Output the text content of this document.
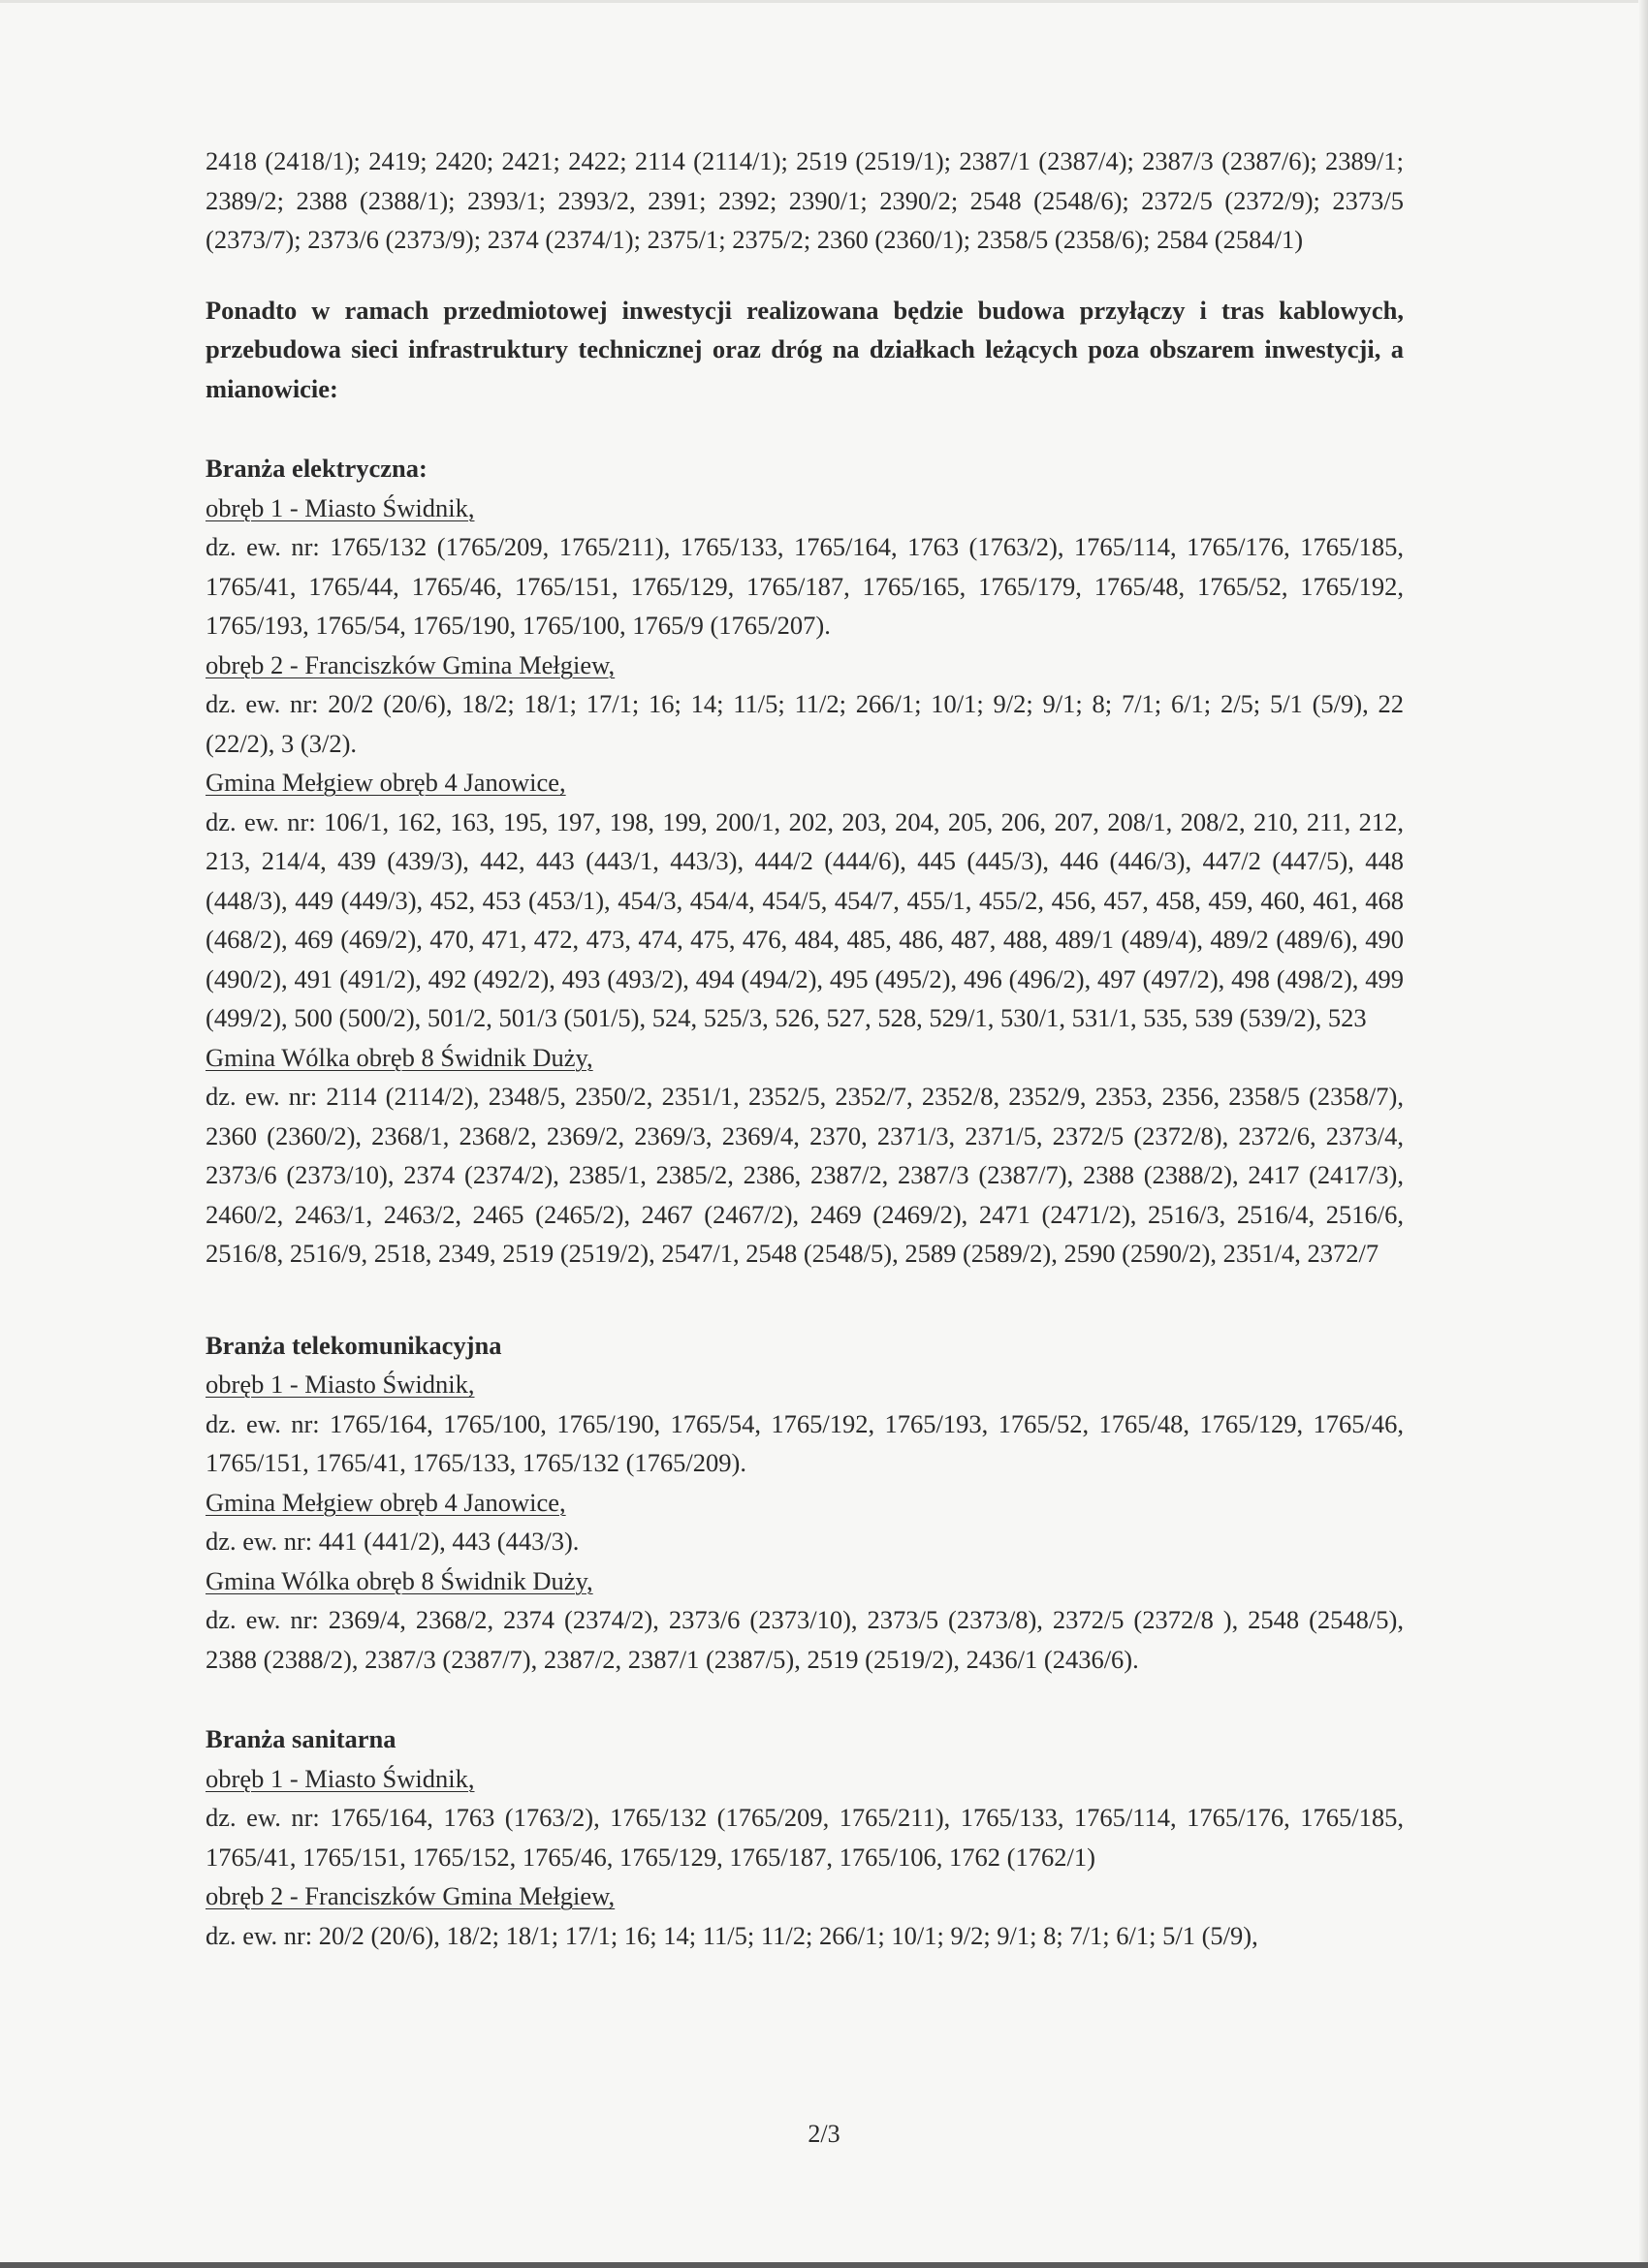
2418 (2418/1); 2419; 2420; 2421; 2422; 2114 (2114/1); 2519 (2519/1); 2387/1 (2387/4); 2387/3 (2387/6); 2389/1; 2389/2; 2388 (2388/1); 2393/1; 2393/2, 2391; 2392; 2390/1; 2390/2; 2548 (2548/6); 2372/5 (2372/9); 2373/5 (2373/7); 2373/6 (2373/9); 2374 (2374/1); 2375/1; 2375/2; 2360 (2360/1); 2358/5 (2358/6); 2584 (2584/1)

Ponadto w ramach przedmiotowej inwestycji realizowana będzie budowa przyłączy i tras kablowych, przebudowa sieci infrastruktury technicznej oraz dróg na działkach leżących poza obszarem inwestycji, a mianowicie:

Branża elektryczna:

obręb 1 - Miasto Świdnik,

dz. ew. nr: 1765/132 (1765/209, 1765/211), 1765/133, 1765/164, 1763 (1763/2), 1765/114, 1765/176, 1765/185, 1765/41, 1765/44, 1765/46, 1765/151, 1765/129, 1765/187, 1765/165, 1765/179, 1765/48, 1765/52, 1765/192, 1765/193, 1765/54, 1765/190, 1765/100, 1765/9 (1765/207).

obręb 2 - Franciszków Gmina Mełgiew,

dz. ew. nr: 20/2 (20/6), 18/2; 18/1; 17/1; 16; 14; 11/5; 11/2; 266/1; 10/1; 9/2; 9/1; 8; 7/1; 6/1; 2/5; 5/1 (5/9), 22 (22/2), 3 (3/2).

Gmina Mełgiew obręb 4 Janowice,

dz. ew. nr: 106/1, 162, 163, 195, 197, 198, 199, 200/1, 202, 203, 204, 205, 206, 207, 208/1, 208/2, 210, 211, 212, 213, 214/4, 439 (439/3), 442, 443 (443/1, 443/3), 444/2 (444/6), 445 (445/3), 446 (446/3), 447/2 (447/5), 448 (448/3), 449 (449/3), 452, 453 (453/1), 454/3, 454/4, 454/5, 454/7, 455/1, 455/2, 456, 457, 458, 459, 460, 461, 468 (468/2), 469 (469/2), 470, 471, 472, 473, 474, 475, 476, 484, 485, 486, 487, 488, 489/1 (489/4), 489/2 (489/6), 490 (490/2), 491 (491/2), 492 (492/2), 493 (493/2), 494 (494/2), 495 (495/2), 496 (496/2), 497 (497/2), 498 (498/2), 499 (499/2), 500 (500/2), 501/2, 501/3 (501/5), 524, 525/3, 526, 527, 528, 529/1, 530/1, 531/1, 535, 539 (539/2), 523

Gmina Wólka obręb 8 Świdnik Duży,

dz. ew. nr: 2114 (2114/2), 2348/5, 2350/2, 2351/1, 2352/5, 2352/7, 2352/8, 2352/9, 2353, 2356, 2358/5 (2358/7), 2360 (2360/2), 2368/1, 2368/2, 2369/2, 2369/3, 2369/4, 2370, 2371/3, 2371/5, 2372/5 (2372/8), 2372/6, 2373/4, 2373/6 (2373/10), 2374 (2374/2), 2385/1, 2385/2, 2386, 2387/2, 2387/3 (2387/7), 2388 (2388/2), 2417 (2417/3), 2460/2, 2463/1, 2463/2, 2465 (2465/2), 2467 (2467/2), 2469 (2469/2), 2471 (2471/2), 2516/3, 2516/4, 2516/6, 2516/8, 2516/9, 2518, 2349, 2519 (2519/2), 2547/1, 2548 (2548/5), 2589 (2589/2), 2590 (2590/2), 2351/4, 2372/7

Branża telekomunikacyjna

obręb 1 - Miasto Świdnik,

dz. ew. nr: 1765/164, 1765/100, 1765/190, 1765/54, 1765/192, 1765/193, 1765/52, 1765/48, 1765/129, 1765/46, 1765/151, 1765/41, 1765/133, 1765/132 (1765/209).

Gmina Mełgiew obręb 4 Janowice,

dz. ew. nr: 441 (441/2), 443 (443/3).

Gmina Wólka obręb 8 Świdnik Duży,

dz. ew. nr: 2369/4, 2368/2, 2374 (2374/2), 2373/6 (2373/10), 2373/5 (2373/8), 2372/5 (2372/8 ), 2548 (2548/5), 2388 (2388/2), 2387/3 (2387/7), 2387/2, 2387/1 (2387/5), 2519 (2519/2), 2436/1 (2436/6).

Branża sanitarna

obręb 1 - Miasto Świdnik,

dz. ew. nr: 1765/164, 1763 (1763/2), 1765/132 (1765/209, 1765/211), 1765/133, 1765/114, 1765/176, 1765/185, 1765/41, 1765/151, 1765/152, 1765/46, 1765/129, 1765/187, 1765/106, 1762 (1762/1)

obręb 2 - Franciszków Gmina Mełgiew,

dz. ew. nr: 20/2 (20/6), 18/2; 18/1; 17/1; 16; 14; 11/5; 11/2; 266/1; 10/1; 9/2; 9/1; 8; 7/1; 6/1; 5/1 (5/9),

2/3
